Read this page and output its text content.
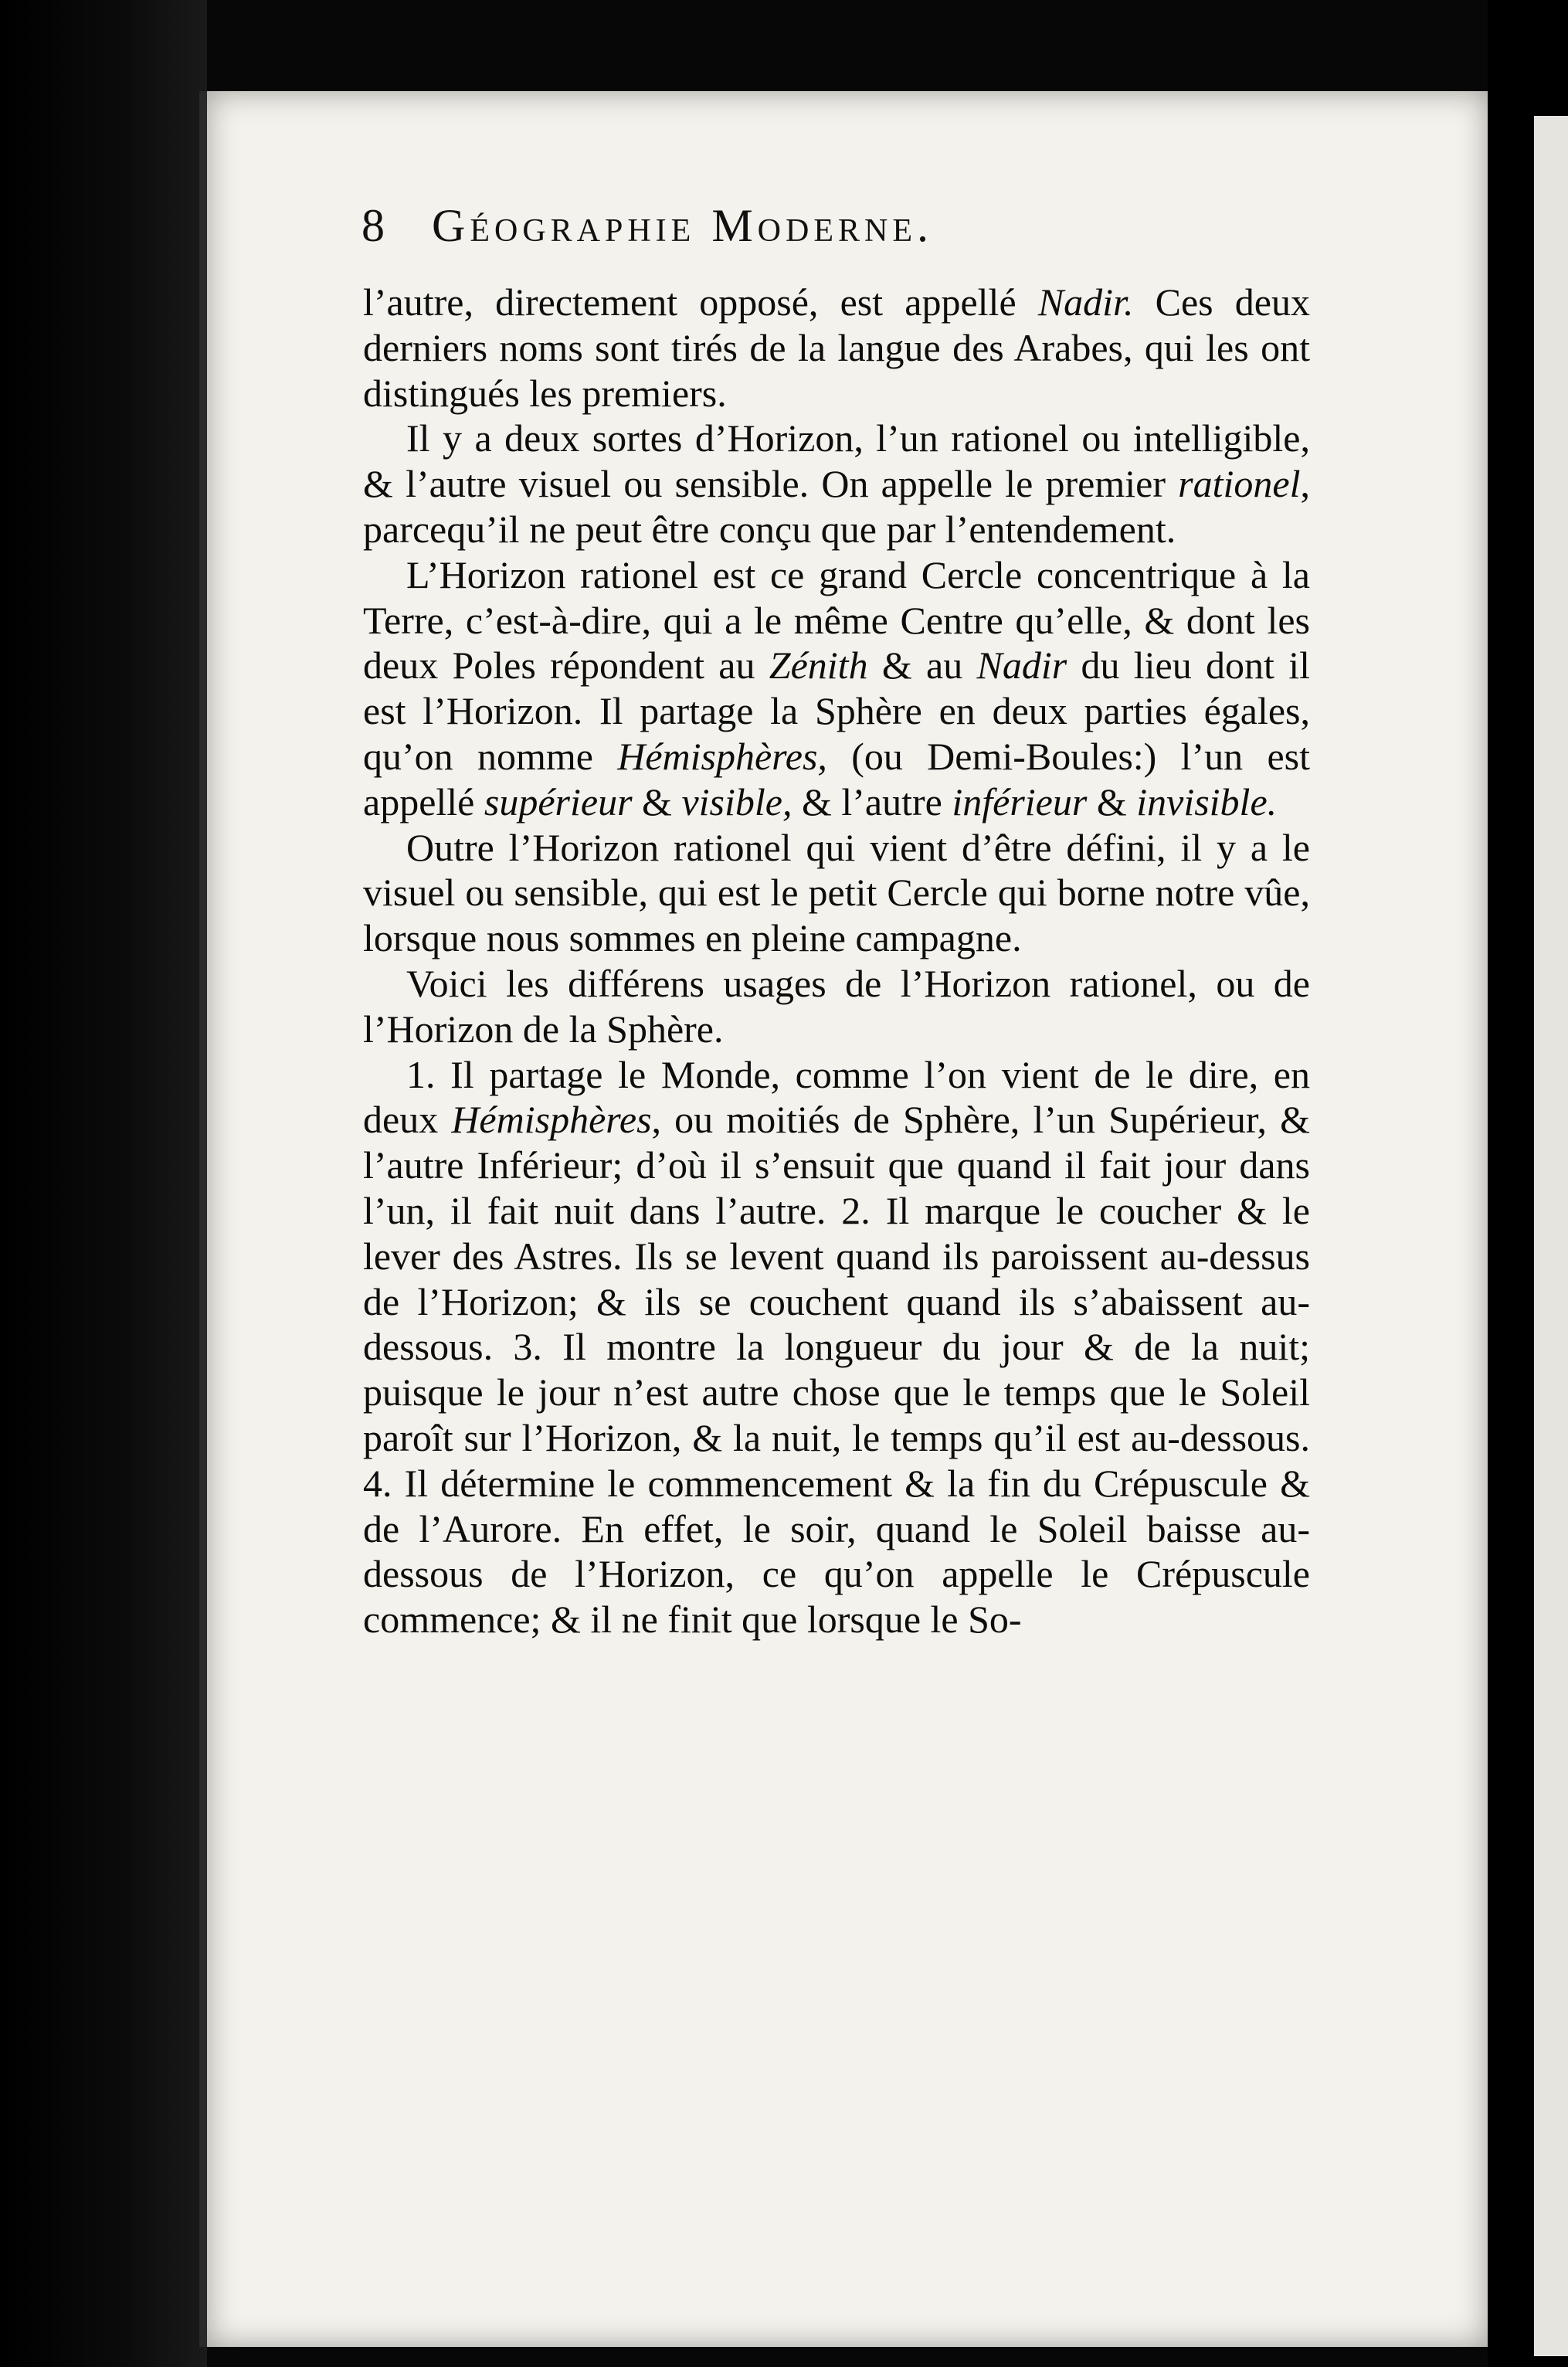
8 Géographie Moderne.

l’autre, directement opposé, est appellé Nadir. Ces deux derniers noms sont tirés de la langue des Arabes, qui les ont distingués les premiers.

Il y a deux sortes d’Horizon, l’un rationel ou intelligible, & l’autre visuel ou sensible. On appelle le premier rationel, parcequ’il ne peut être conçu que par l’entendement.

L’Horizon rationel est ce grand Cercle concentrique à la Terre, c’est-à-dire, qui a le même Centre qu’elle, & dont les deux Poles répondent au Zénith & au Nadir du lieu dont il est l’Horizon. Il partage la Sphère en deux parties égales, qu’on nomme Hémisphères, (ou Demi-Boules:) l’un est appellé supérieur & visible, & l’autre inférieur & invisible.

Outre l’Horizon rationel qui vient d’être défini, il y a le visuel ou sensible, qui est le petit Cercle qui borne notre vûe, lorsque nous sommes en pleine campagne.

Voici les différens usages de l’Horizon rationel, ou de l’Horizon de la Sphère.

1. Il partage le Monde, comme l’on vient de le dire, en deux Hémisphères, ou moitiés de Sphère, l’un Supérieur, & l’autre Inférieur; d’où il s’ensuit que quand il fait jour dans l’un, il fait nuit dans l’autre. 2. Il marque le coucher & le lever des Astres. Ils se levent quand ils paroissent au-dessus de l’Horizon; & ils se couchent quand ils s’abaissent au-dessous. 3. Il montre la longueur du jour & de la nuit; puisque le jour n’est autre chose que le temps que le Soleil paroît sur l’Horizon, & la nuit, le temps qu’il est au-dessous. 4. Il détermine le commencement & la fin du Crépuscule & de l’Aurore. En effet, le soir, quand le Soleil baisse au-dessous de l’Horizon, ce qu’on appelle le Crépuscule commence; & il ne finit que lorsque le So-
